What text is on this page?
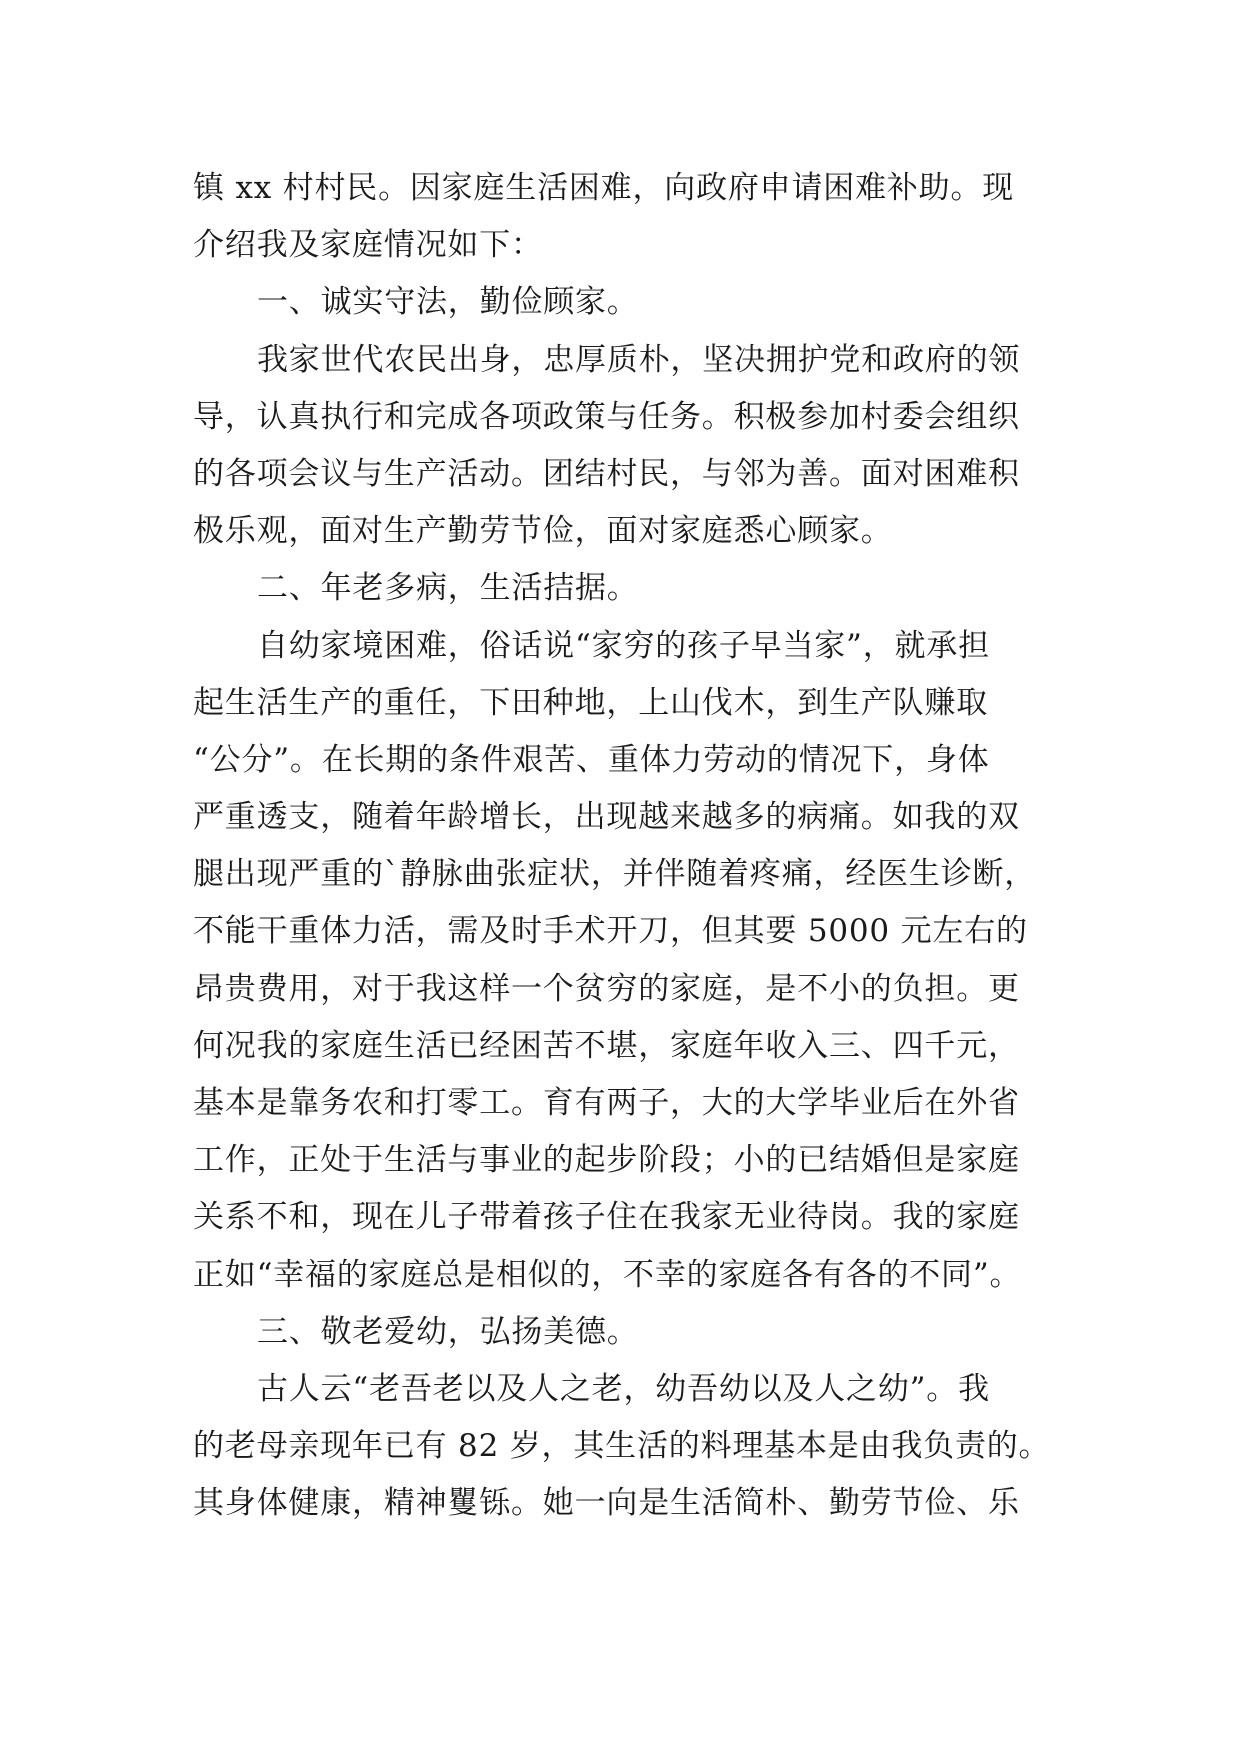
镇 xx 村村民。因家庭生活困难，向政府申请困难补助。现
介绍我及家庭情况如下：
一、诚实守法，勤俭顾家。
我家世代农民出身，忠厚质朴，坚决拥护党和政府的领
导，认真执行和完成各项政策与任务。积极参加村委会组织
的各项会议与生产活动。团结村民，与邻为善。面对困难积
极乐观，面对生产勤劳节俭，面对家庭悉心顾家。
二、年老多病，生活拮据。
自幼家境困难，俗话说“家穷的孩子早当家”，就承担
起生活生产的重任，下田种地，上山伐木，到生产队赚取
“公分”。在长期的条件艰苦、重体力劳动的情况下，身体
严重透支，随着年龄增长，出现越来越多的病痛。如我的双
腿出现严重的`静脉曲张症状，并伴随着疼痛，经医生诊断，
不能干重体力活，需及时手术开刀，但其要 5000 元左右的
昂贵费用，对于我这样一个贫穷的家庭，是不小的负担。更
何况我的家庭生活已经困苦不堪，家庭年收入三、四千元，
基本是靠务农和打零工。育有两子，大的大学毕业后在外省
工作，正处于生活与事业的起步阶段；小的已结婚但是家庭
关系不和，现在儿子带着孩子住在我家无业待岗。我的家庭
正如“幸福的家庭总是相似的，不幸的家庭各有各的不同”。
三、敬老爱幼，弘扬美德。
古人云“老吾老以及人之老，幼吾幼以及人之幼”。我
的老母亲现年已有 82 岁，其生活的料理基本是由我负责的。
其身体健康，精神矍铄。她一向是生活简朴、勤劳节俭、乐
